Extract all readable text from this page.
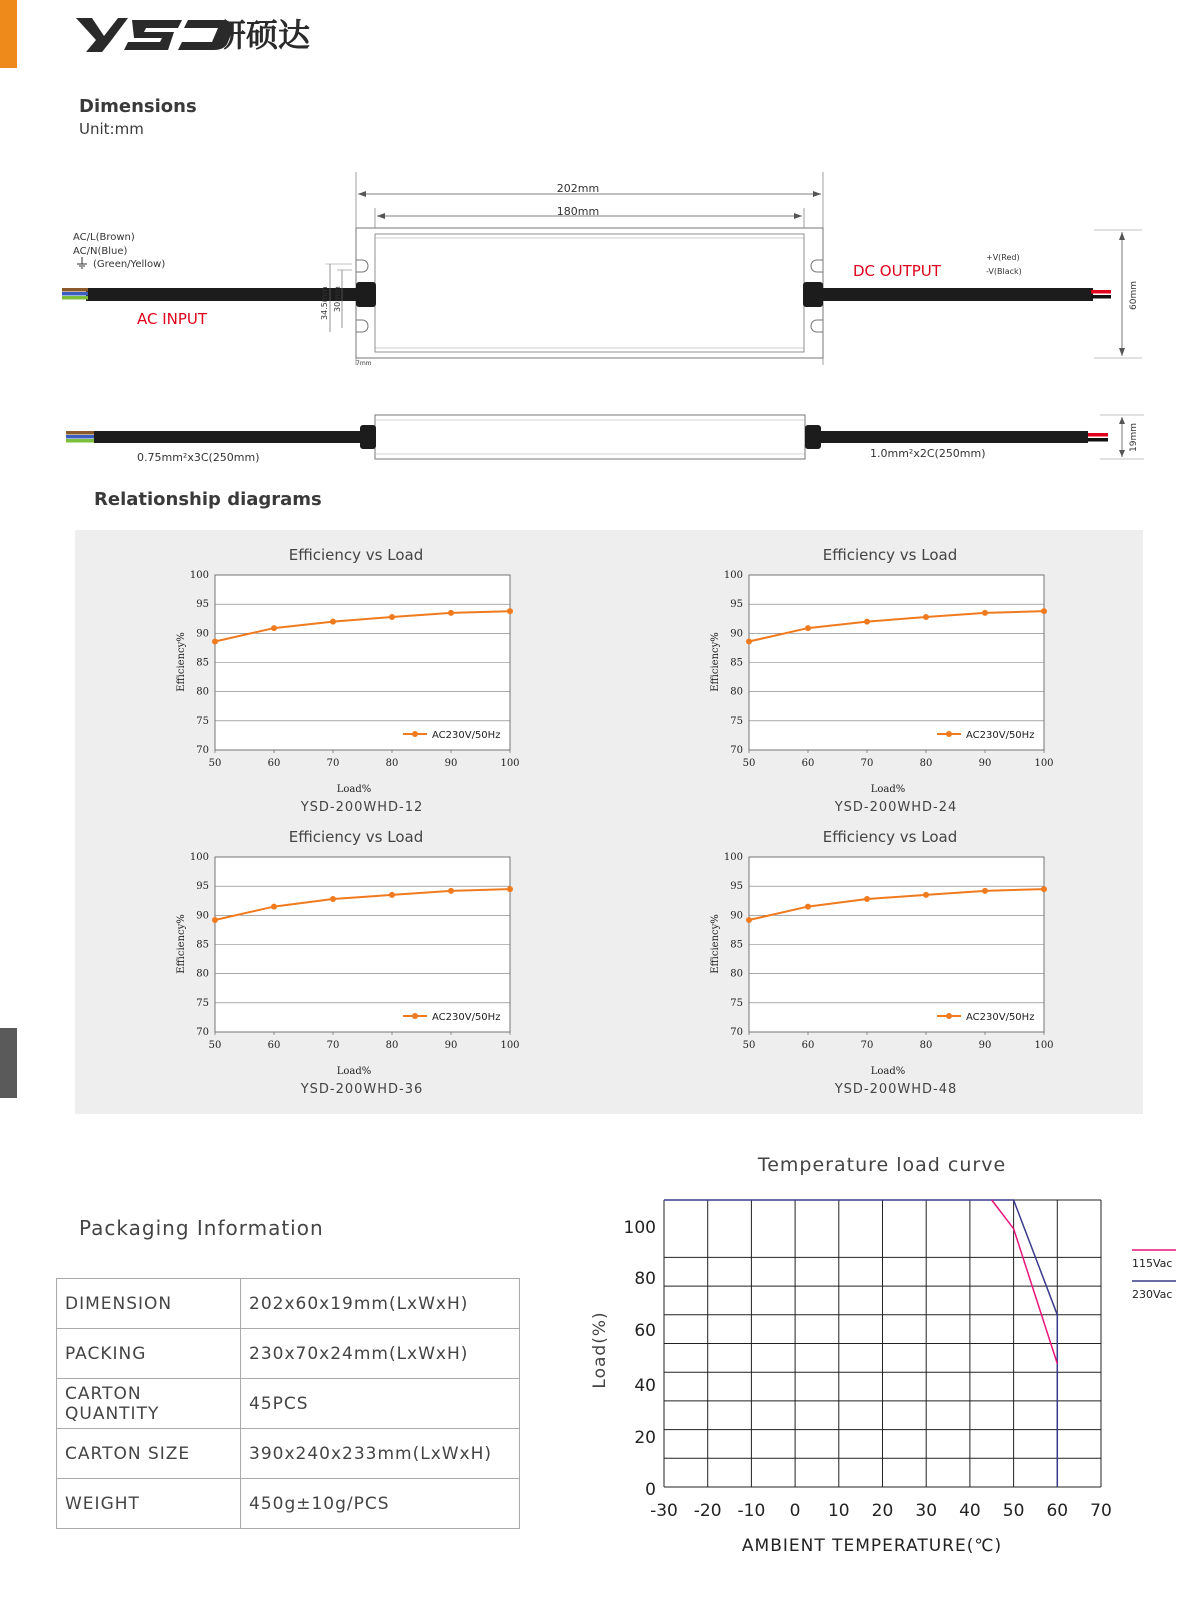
研硕达
Dimensions
Unit:mm
202mm
180mm
AC/L(Brown)
AC/N(Blue)
(Green/Yellow)
AC INPUT	34.5mm 30mm
7mm
DC OUTPUT
+V(Red)
-V(Black)
60mm
0.75mm²x3C(250mm)	1.0mm²x2C(250mm)
19mm
Relationship diagrams
70
75
80
85
90
95
100
50	60	70	80	90	100
Efficiency vs Load
Load%
YSD-200WHD-12
Efficiency%
AC230V/50Hz
70
75
80
85
90
95
100
50	60	70	80	90	100
Efficiency vs Load
Load%
YSD-200WHD-24
Efficiency%
AC230V/50Hz
70
75
80
85
90
95
100
50	60	70	80	90	100
Efficiency vs Load
Load%
YSD-200WHD-36
Efficiency%
AC230V/50Hz
70
75
80
85
90
95
100
50	60	70	80	90	100
Efficiency vs Load
Load%
YSD-200WHD-48
Efficiency%
AC230V/50Hz
Packaging Information
DIMENSION	202x60x19mm(LxWxH)
PACKING	230x70x24mm(LxWxH)
CARTON QUANTITY	45PCS
CARTON SIZE	390x240x233mm(LxWxH)
WEIGHT	450g±10g/PCS
Temperature load curve
0
20
40
60
80
100
-30 -20 -10 0 10 20 30 40 50 60 70
AMBIENT TEMPERATURE(℃)
Load(%)
115Vac
230Vac
